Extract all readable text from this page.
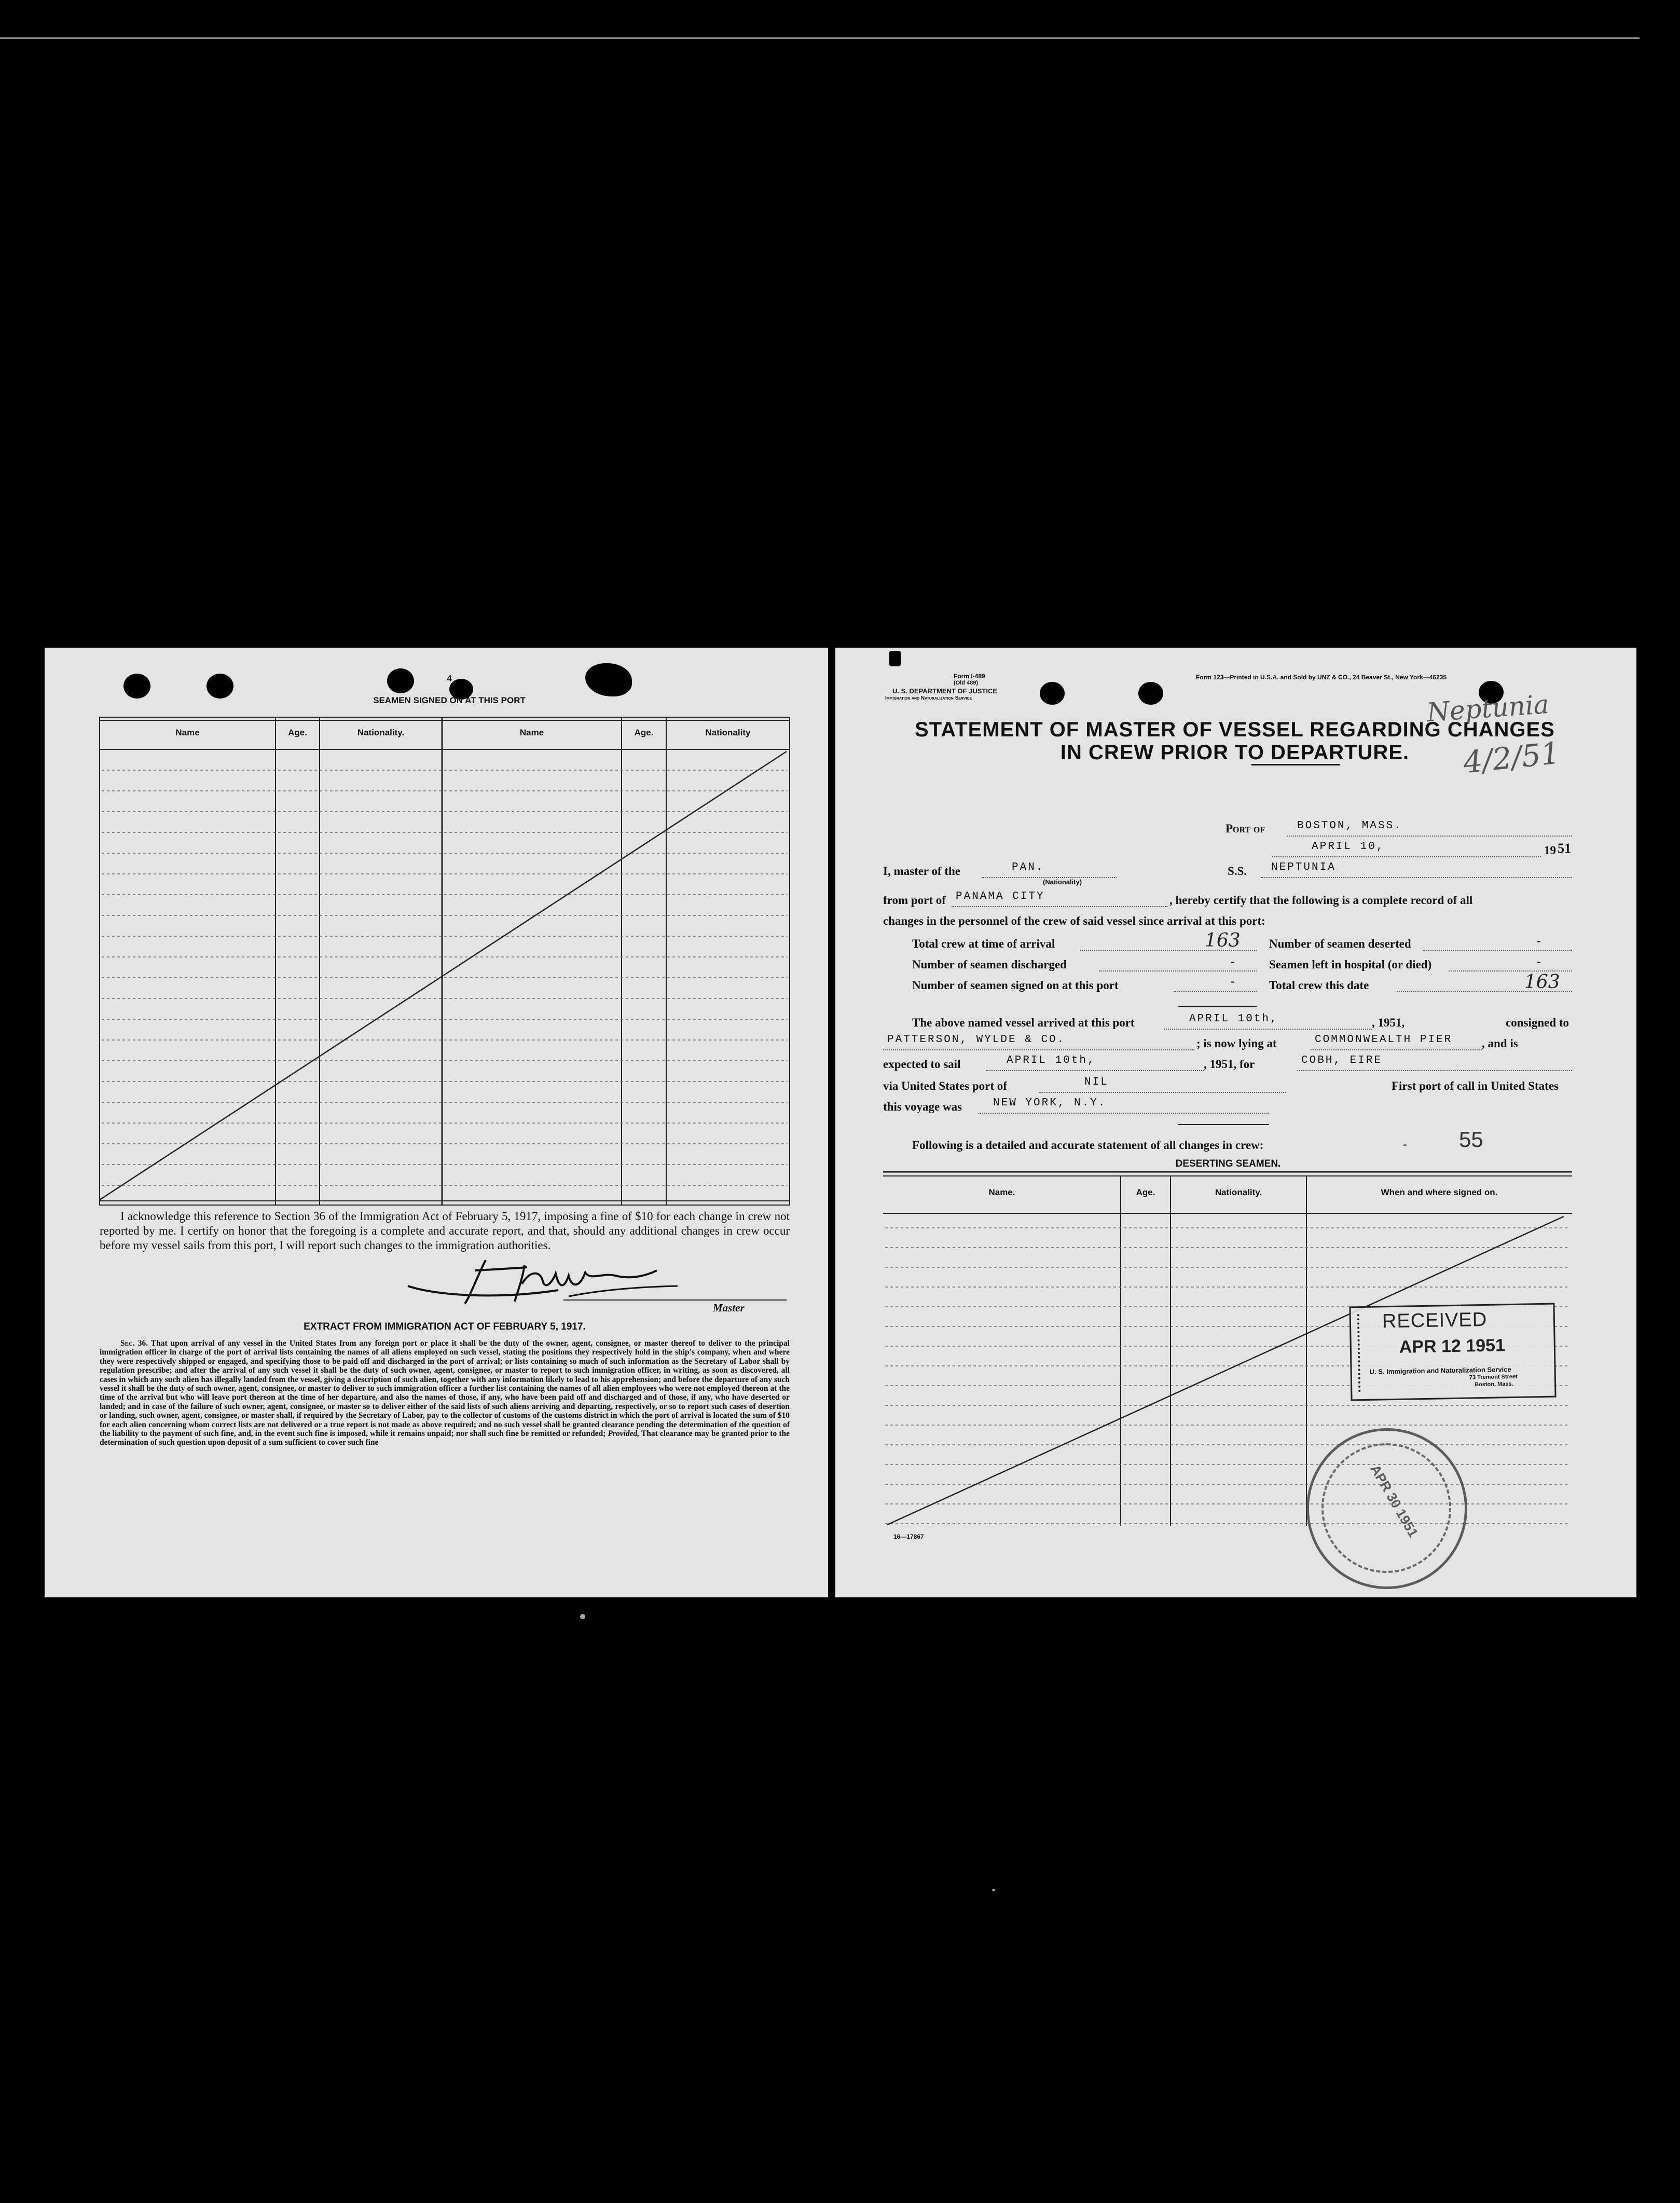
4
SEAMEN SIGNED ON AT THIS PORT
Name	Age.	Nationality.	Name	Age.	Nationality
I acknowledge this reference to Section 36 of the Immigration Act of February 5, 1917, imposing a fine of $10 for each change in crew not reported by me. I certify on honor that the foregoing is a complete and accurate report, and that, should any additional changes in crew occur before my vessel sails from this port, I will report such changes to the immigration authorities.
Master
EXTRACT FROM IMMIGRATION ACT OF FEBRUARY 5, 1917.
Sec. 36. That upon arrival of any vessel in the United States from any foreign port or place it shall be the duty of the owner, agent, consignee, or master thereof to deliver to the principal immigration officer in charge of the port of arrival lists containing the names of all aliens employed on such vessel, stating the positions they respectively hold in the ship's company, when and where they were respectively shipped or engaged, and specifying those to be paid off and discharged in the port of arrival; or lists containing so much of such information as the Secretary of Labor shall by regulation prescribe; and after the arrival of any such vessel it shall be the duty of such owner, agent, consignee, or master to report to such immigration officer, in writing, as soon as discovered, all cases in which any such alien has illegally landed from the vessel, giving a description of such alien, together with any information likely to lead to his apprehension; and before the departure of any such vessel it shall be the duty of such owner, agent, consignee, or master to deliver to such immigration officer a further list containing the names of all alien employees who were not employed thereon at the time of the arrival but who will leave port thereon at the time of her departure, and also the names of those, if any, who have been paid off and discharged and of those, if any, who have deserted or landed; and in case of the failure of such owner, agent, consignee, or master so to deliver either of the said lists of such aliens arriving and departing, respectively, or so to report such cases of desertion or landing, such owner, agent, consignee, or master shall, if required by the Secretary of Labor, pay to the collector of customs of the customs district in which the port of arrival is located the sum of $10 for each alien concerning whom correct lists are not delivered or a true report is not made as above required; and no such vessel shall be granted clearance pending the determination of the question of the liability to the payment of such fine, and, in the event such fine is imposed, while it remains unpaid; nor shall such fine be remitted or refunded; Provided, That clearance may be granted prior to the determination of such question upon deposit of a sum sufficient to cover such fine
Form I-489
(Old 489)
U. S. DEPARTMENT OF JUSTICE
Immigration and Naturalization Service
Form 123—Printed in U.S.A. and Sold by UNZ & CO., 24 Beaver St., New York—46235
Neptunia
4/2/51
STATEMENT OF MASTER OF VESSEL REGARDING CHANGES
IN CREW PRIOR TO DEPARTURE.
Port of	BOSTON, MASS.
APRIL 10,	19 51
I, master of the	PAN.
(Nationality)
S.S. NEPTUNIA
from port of PANAMA CITY	, hereby certify that the following is a complete record of all
changes in the personnel of the crew of said vessel since arrival at this port:
Total crew at time of arrival	163 Number of seamen deserted	-
Number of seamen discharged	-	Seamen left in hospital (or died)	-
Number of seamen signed on at this port	-	Total crew this date	163
The above named vessel arrived at this port	APRIL 10th,	, 1951,	consigned to
PATTERSON, WYLDE & CO.	; is now lying at	COMMONWEALTH PIER , and is
expected to sail	APRIL 10th,	, 1951, for	COBH, EIRE
via United States port of	NIL	First port of call in United States
this voyage was	NEW YORK, N.Y.
Following is a detailed and accurate statement of all changes in crew:	- 55
DESERTING SEAMEN.
Name.	Age.	Nationality.	When and where signed on.
16—17867
RECEIVED
APR 12 1951
U. S. Immigration and Naturalization Service
73 Tremont Street
Boston, Mass.
APR 30 1951
